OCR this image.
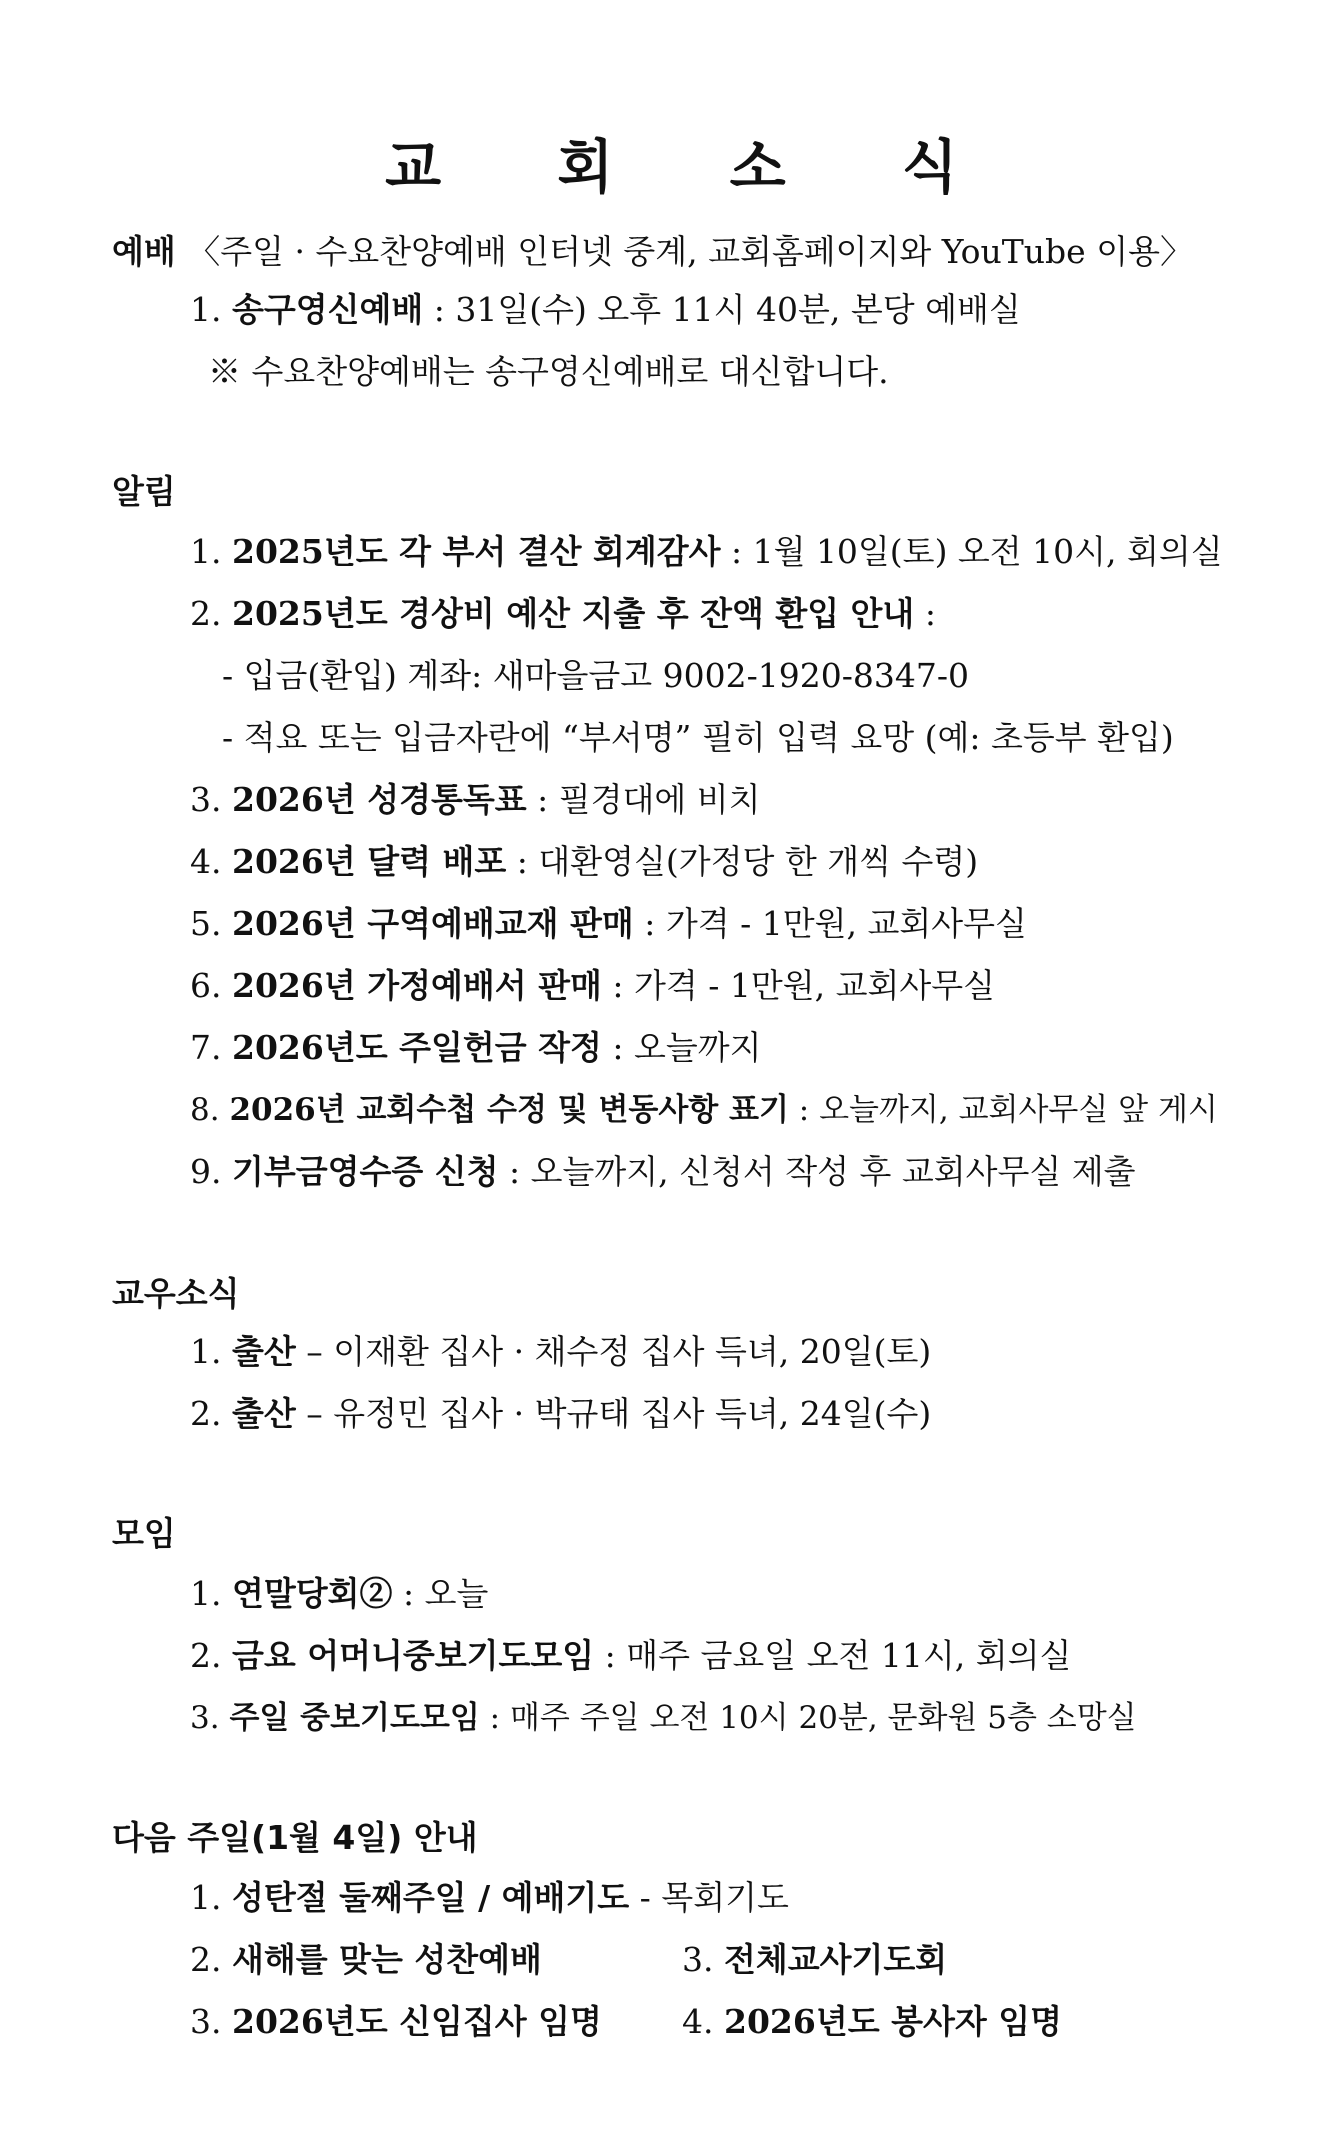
교 회 소 식
예배 〈주일 · 수요찬양예배 인터넷 중계, 교회홈페이지와 YouTube 이용〉
1. 송구영신예배 : 31일(수) 오후 11시 40분, 본당 예배실
※ 수요찬양예배는 송구영신예배로 대신합니다.
알림
1. 2025년도 각 부서 결산 회계감사 : 1월 10일(토) 오전 10시, 회의실
2. 2025년도 경상비 예산 지출 후 잔액 환입 안내 :
- 입금(환입) 계좌: 새마을금고 9002-1920-8347-0
- 적요 또는 입금자란에 “부서명” 필히 입력 요망 (예: 초등부 환입)
3. 2026년 성경통독표 : 필경대에 비치
4. 2026년 달력 배포 : 대환영실(가정당 한 개씩 수령)
5. 2026년 구역예배교재 판매 : 가격 - 1만원, 교회사무실
6. 2026년 가정예배서 판매 : 가격 - 1만원, 교회사무실
7. 2026년도 주일헌금 작정 : 오늘까지
8. 2026년 교회수첩 수정 및 변동사항 표기 : 오늘까지, 교회사무실 앞 게시
9. 기부금영수증 신청 : 오늘까지, 신청서 작성 후 교회사무실 제출
교우소식
1. 출산 – 이재환 집사 · 채수정 집사 득녀, 20일(토)
2. 출산 – 유정민 집사 · 박규태 집사 득녀, 24일(수)
모임
1. 연말당회② : 오늘
2. 금요 어머니중보기도모임 : 매주 금요일 오전 11시, 회의실
3. 주일 중보기도모임 : 매주 주일 오전 10시 20분, 문화원 5층 소망실
다음 주일(1월 4일) 안내
1. 성탄절 둘째주일 / 예배기도 - 목회기도
2. 새해를 맞는 성찬예배	3. 전체교사기도회
3. 2026년도 신임집사 임명 4. 2026년도 봉사자 임명
